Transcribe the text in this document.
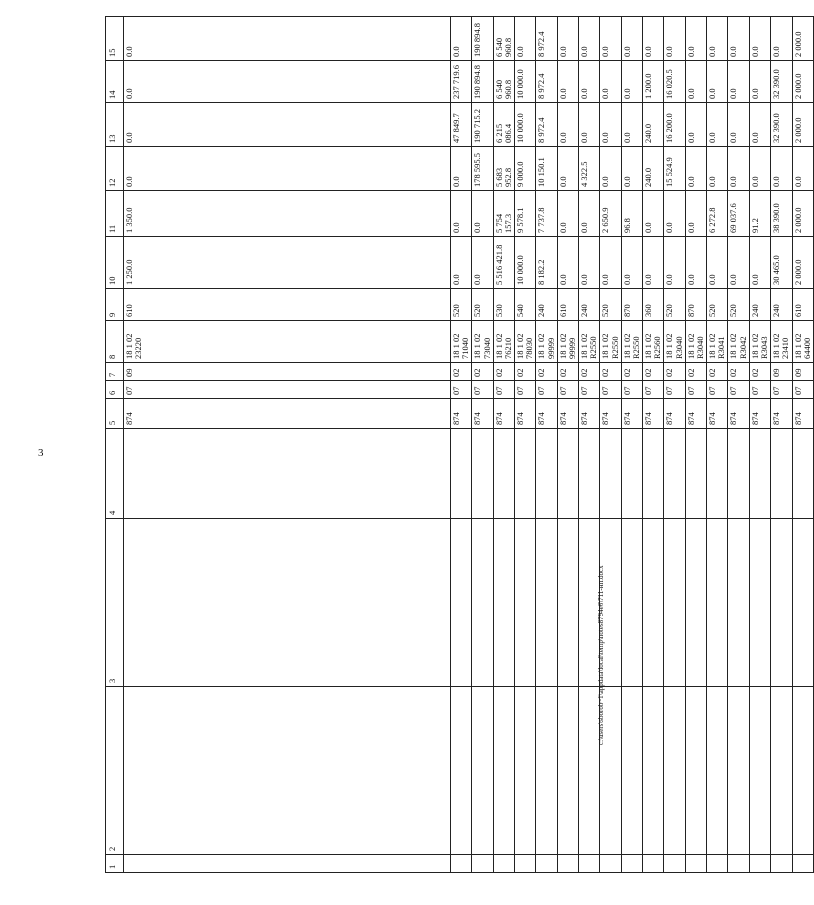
3
1	2	3	4	5	6	7	8	9	10	11	12	13	14	15
				874	07	09	18 1 02 23220	610	1 250.0	1 350.0	0.0	0.0	0.0	0.0
				874	07	02	18 1 02 71040	520	0.0	0.0	0.0	47 849.7	237 719.6	0.0
				874	07	02	18 1 02 73040	520	0.0	0.0	178 595.5	190 715.2	190 894.8	190 894.8
				874	07	02	18 1 02 76210	530	5 516 421.8	5 754 157.3	5 683 952.8	6 215 086.4	6 540 960.8	6 540 960.8
				874	07	02	18 1 02 78030	540	10 000.0	9 578.1	9 000.0	10 000.0	10 000.0	0.0
				874	07	02	18 1 02 99999	240	8 182.2	7 737.8	10 150.1	8 972.4	8 972.4	8 972.4
				874	07	02	18 1 02 99999	610	0.0	0.0	0.0	0.0	0.0	0.0
				874	07	02	18 1 02 R2550	240	0.0	0.0	4 322.5	0.0	0.0	0.0
				874	07	02	18 1 02 R2550	520	0.0	2 650.9	0.0	0.0	0.0	0.0
				874	07	02	18 1 02 R2550	870	0.0	96.8	0.0	0.0	0.0	0.0
				874	07	02	18 1 02 R2560	360	0.0	0.0	240.0	240.0	1 200.0	0.0
				874	07	02	18 1 02 R3040	520	0.0	0.0	15 524.9	16 200.0	16 020.5	0.0
				874	07	02	18 1 02 R3040	870	0.0	0.0	0.0	0.0	0.0	0.0
				874	07	02	18 1 02 R3041	520	0.0	6 272.8	0.0	0.0	0.0	0.0
				874	07	02	18 1 02 R3042	520	0.0	69 037.6	0.0	0.0	0.0	0.0
				874	07	02	18 1 02 R3043	240	0.0	91.2	0.0	0.0	0.0	0.0
				874	07	09	18 1 02 23410	240	30 465.0	38 390.0	0.0	32 390.0	32 390.0	0.0
				874	07	09	18 1 02 64400	610	2 000.0	2 000.0	0.0	2 000.0	2 000.0	2 000.0
c:\users\sborob~1\appdata\local\temp\notes8794e6\711-нп.docx
